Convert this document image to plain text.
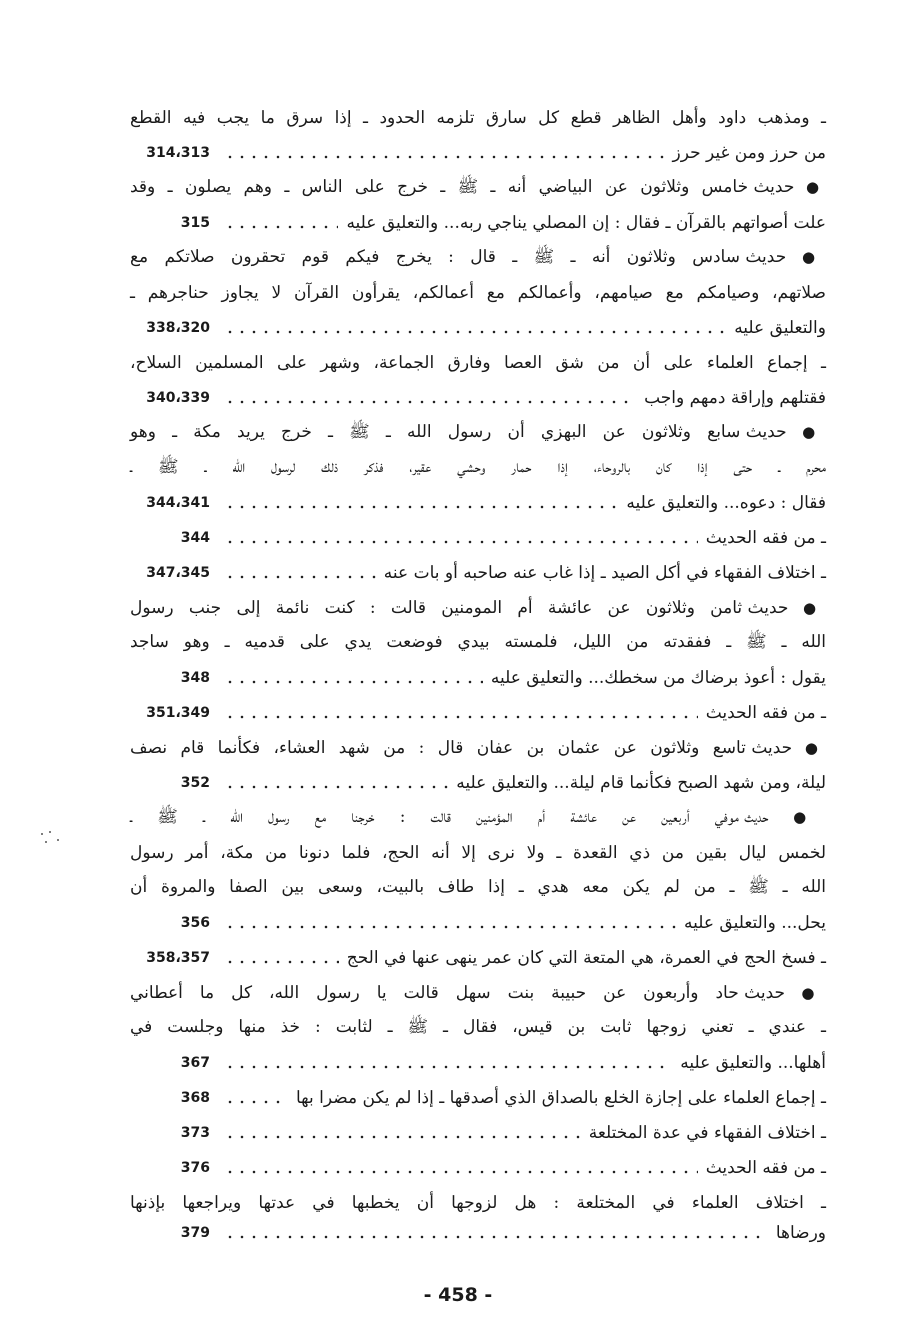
ـ ومذهب داود وأهل الظاهر قطع كل سارق تلزمه الحدود ـ إذا سرق ما يجب فيه القطع
314،313	من حرز ومن غير حرز
● حديث خامس وثلاثون عن البياضي أنه ـ ﷺ ـ خرج على الناس ـ وهم يصلون ـ وقد
315	علت أصواتهم بالقرآن ـ فقال : إن المصلي يناجي ربه... والتعليق عليه
● حديث سادس وثلاثون أنه ـ ﷺ ـ قال : يخرج فيكم قوم تحقرون صلاتكم مع
صلاتهم، وصيامكم مع صيامهم، وأعمالكم مع أعمالكم، يقرأون القرآن لا يجاوز حناجرهم ـ
338،320	والتعليق عليه
ـ إجماع العلماء على أن من شق العصا وفارق الجماعة، وشهر على المسلمين السلاح،
340،339	فقتلهم وإراقة دمهم واجب
● حديث سابع وثلاثون عن البهزي أن رسول الله ـ ﷺ ـ خرج يريد مكة ـ وهو
محرم ـ حتى إذا كان بالروحاء، إذا حمار وحشي عقير، فذكر ذلك لرسول الله ـ ﷺ ـ
344،341	فقال : دعوه... والتعليق عليه
344	ـ من فقه الحديث
347،345	ـ اختلاف الفقهاء في أكل الصيد ـ إذا غاب عنه صاحبه أو بات عنه
● حديث ثامن وثلاثون عن عائشة أم المومنين قالت : كنت نائمة إلى جنب رسول
الله ـ ﷺ ـ ففقدته من الليل، فلمسته بيدي فوضعت يدي على قدميه ـ وهو ساجد
348	يقول : أعوذ برضاك من سخطك... والتعليق عليه
351،349	ـ من فقه الحديث
● حديث تاسع وثلاثون عن عثمان بن عفان قال : من شهد العشاء، فكأنما قام نصف
352	ليلة، ومن شهد الصبح فكأنما قام ليلة... والتعليق عليه
● حديث موفي أربعين عن عائشة أم المؤمنين قالت : خرجنا مع رسول الله ـ ﷺ ـ
لخمس ليال بقين من ذي القعدة ـ ولا نرى إلا أنه الحج، فلما دنونا من مكة، أمر رسول
الله ـ ﷺ ـ من لم يكن معه هدي ـ إذا طاف بالبيت، وسعى بين الصفا والمروة أن
356	يحل... والتعليق عليه
358،357	ـ فسخ الحج في العمرة، هي المتعة التي كان عمر ينهى عنها في الحج
● حديث حاد وأربعون عن حبيبة بنت سهل قالت يا رسول الله، كل ما أعطاني
ـ عندي ـ تعني زوجها ثابت بن قيس، فقال ـ ﷺ ـ لثابت : خذ منها وجلست في
367	أهلها... والتعليق عليه
368	ـ إجماع العلماء على إجازة الخلع بالصداق الذي أصدقها ـ إذا لم يكن مضرا بها
373	ـ اختلاف الفقهاء في عدة المختلعة
376	ـ من فقه الحديث
ـ اختلاف العلماء في المختلعة : هل لزوجها أن يخطبها في عدتها ويراجعها بإذنها
379	ورضاها
- 458 -
